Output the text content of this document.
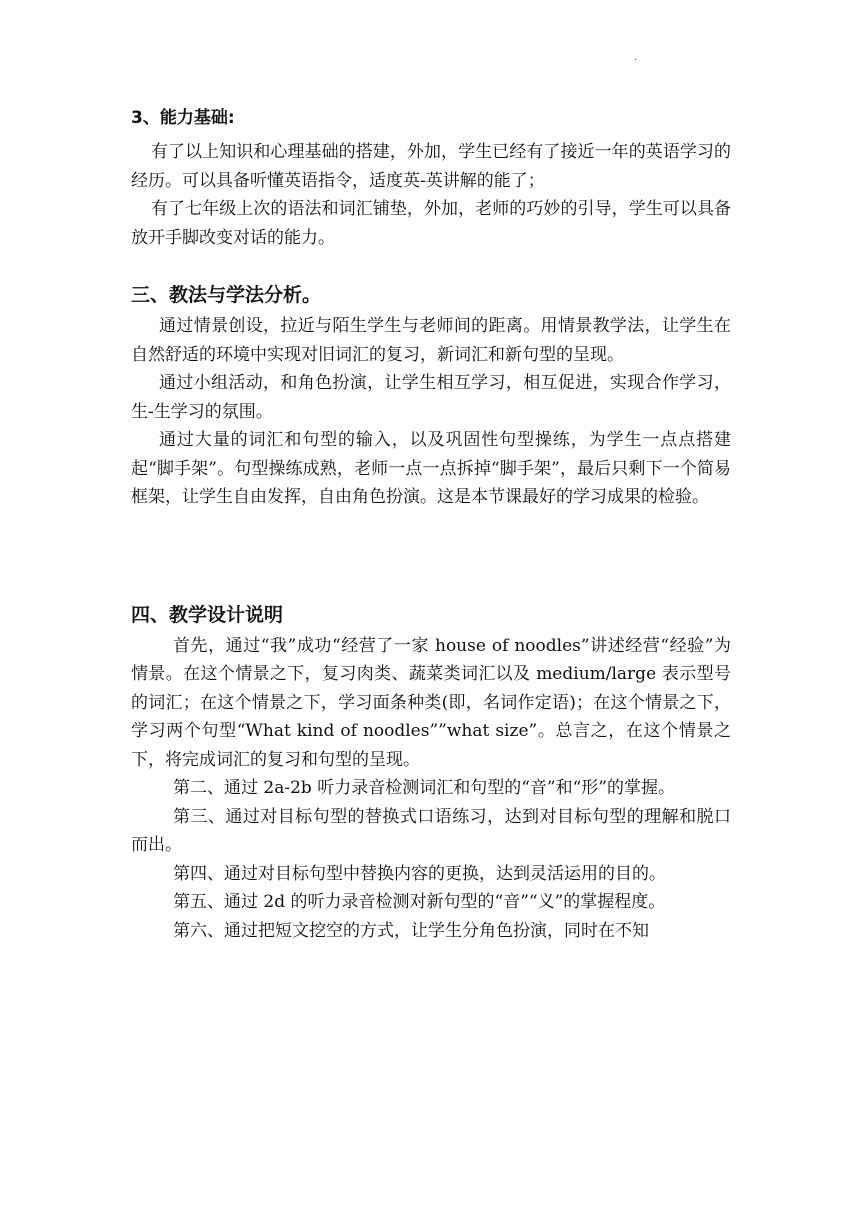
·
3、能力基础:

有了以上知识和心理基础的搭建，外加，学生已经有了接近一年的英语学习的经历。可以具备听懂英语指令，适度英-英讲解的能了；

有了七年级上次的语法和词汇铺垫，外加，老师的巧妙的引导，学生可以具备放开手脚改变对话的能力。

三、教法与学法分析。

通过情景创设，拉近与陌生学生与老师间的距离。用情景教学法，让学生在自然舒适的环境中实现对旧词汇的复习，新词汇和新句型的呈现。

通过小组活动，和角色扮演，让学生相互学习，相互促进，实现合作学习，生-生学习的氛围。

通过大量的词汇和句型的输入，以及巩固性句型操练，为学生一点点搭建起“脚手架”。句型操练成熟，老师一点一点拆掉“脚手架”，最后只剩下一个简易框架，让学生自由发挥，自由角色扮演。这是本节课最好的学习成果的检验。

四、教学设计说明

首先，通过“我”成功“经营了一家 house of noodles”讲述经营“经验”为情景。在这个情景之下，复习肉类、蔬菜类词汇以及 medium/large 表示型号的词汇；在这个情景之下，学习面条种类(即，名词作定语)；在这个情景之下，学习两个句型“What kind of noodles””what size”。总言之，在这个情景之下，将完成词汇的复习和句型的呈现。

第二、通过 2a-2b 听力录音检测词汇和句型的“音”和“形”的掌握。

第三、通过对目标句型的替换式口语练习，达到对目标句型的理解和脱口而出。

第四、通过对目标句型中替换内容的更换，达到灵活运用的目的。

第五、通过 2d 的听力录音检测对新句型的“音”“义”的掌握程度。

第六、通过把短文挖空的方式，让学生分角色扮演，同时在不知
